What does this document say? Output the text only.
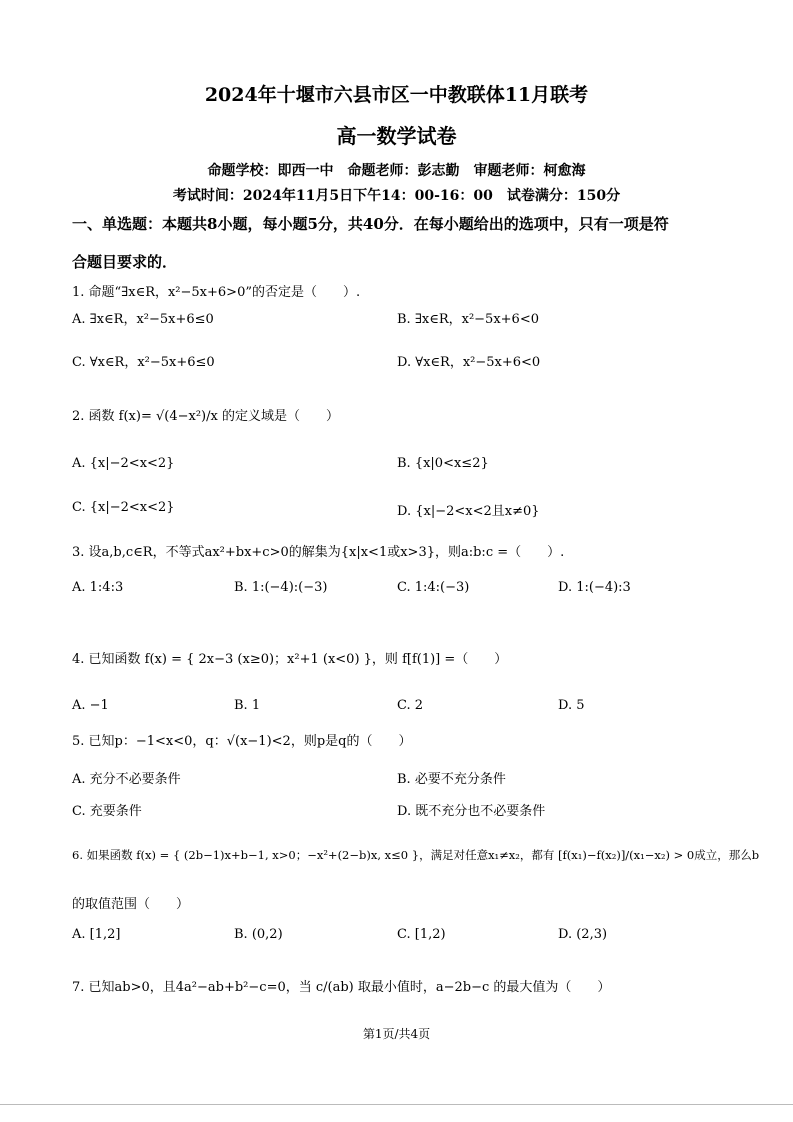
2024年十堰市六县市区一中教联体11月联考
高一数学试卷
命题学校：即西一中　命题老师：彭志勤　审题老师：柯愈海
考试时间：2024年11月5日下午14：00-16：00　试卷满分：150分
一、单选题：本题共8小题，每小题5分，共40分．在每小题给出的选项中，只有一项是符
合题目要求的．
1. 命题“∃x∈R，x²−5x+6>0”的否定是（　　）.
A. ∃x∈R，x²−5x+6≤0	B. ∃x∈R，x²−5x+6<0
C. ∀x∈R，x²−5x+6≤0	D. ∀x∈R，x²−5x+6<0
2. 函数 f(x)= √(4−x²)/x 的定义域是（　　）
A. {x|−2<x<2}	B. {x|0<x≤2}
C. {x|−2<x<2}	D. {x|−2<x<2且x≠0}
3. 设a,b,c∈R，不等式ax²+bx+c>0的解集为{x|x<1或x>3}，则a:b:c =（　　）.
A. 1:4:3	B. 1:(−4):(−3)	C. 1:4:(−3)	D. 1:(−4):3
4. 已知函数 f(x) = { 2x−3 (x≥0)；x²+1 (x<0) }，则 f[f(1)] =（　　）
A. −1	B. 1	C. 2	D. 5
5. 已知p：−1<x<0，q：√(x−1)<2，则p是q的（　　）
A. 充分不必要条件	B. 必要不充分条件
C. 充要条件	D. 既不充分也不必要条件
6. 如果函数 f(x) = { (2b−1)x+b−1, x>0；−x²+(2−b)x, x≤0 }，满足对任意x₁≠x₂，都有 [f(x₁)−f(x₂)]/(x₁−x₂) > 0成立，那么b
的取值范围（　　）
A. [1,2]	B. (0,2)	C. [1,2)	D. (2,3)
7. 已知ab>0，且4a²−ab+b²−c=0，当 c/(ab) 取最小值时，a−2b−c 的最大值为（　　）
第1页/共4页
